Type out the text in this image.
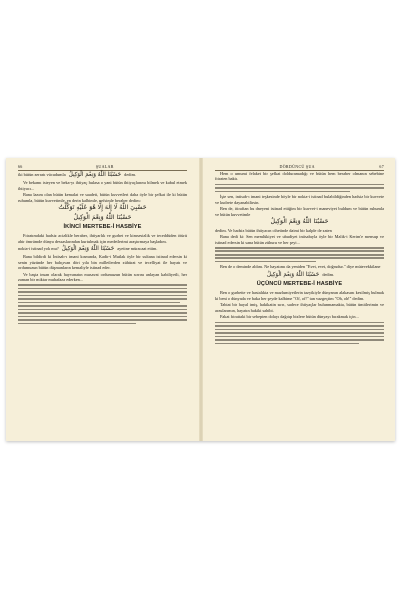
66	ŞUALAR

iki bütün zerratı vücudumla حَسْبُنَا اللّٰهُ وَنِعْمَ الْوَكِيلُ dedim.

Ve bekamı isteyen ve beka-yı ihtiyaç hulasa o yani bütün ihtiyaçlarımı bilmek ve kabul etmek ihtiyacı...

Bana lazım olan bütün kemalat ve saadeti, bütün kuvvetleri daha öyle bir şefkat ile ki bütün ruhumla, bütün kuvvetimle, en derin kalbimle, nefsimle beraber dedim:

حَسْبِيَ اللّٰهُ لَا إِلٰهَ إِلَّا هُوَ عَلَيْهِ تَوَكَّلْتُ
حَسْبُنَا اللّٰهُ وَنِعْمَ الْوَكِيلُ
İKİNCİ MERTEBE-İ HASBİYE

Fıtratımdaki hadsiz acizlikle beraber, ihtiyarlık ve gurbet ve kimsesizlik ve teceddüden ötürü ahir ömrümde dünya dessaslarından kurtulmak için medetlerimi araştırmaya başladım.

nokta-i istinad yok mu? حَسْبُنَا اللّٰهُ وَنِعْمَ الْوَكِيلُ ayetine müracaat ettim.

Bana bildirdi ki İntisab-ı imani kısmında, Kadir-i Mutlak öyle bir sultana istinad edersin ki senin yüzünde her bahçıvan dört yıla bin milletlerden zühürat ve tecelliyat ile hayatı ve ordumuzun bütün düşmanların kemaliyle istinad eder.

Ve başta insan olarak hayvanatın musavat ordumuzun bütün sırrını anlayan kabiliyetli, her zaman bir miktar muhafaza ederken...

DÖRDÜNCÜ ŞUA	67

Hem o umumi felaket bir şefkat dolduramadığı ve bütün hem beraber olmanın sebebine fıtraten baktı.

İşte sen, intisab-ı imani teşkesinde böyle bir nokta-i istinad bulabildiğinden hadsiz bir kuvvete ve kudrete dayanabilirsin.

Ben de, itiraftan hu dneyeni istinad ettiğim bir kuvvet-i maneviyet buldum ve bütün ruhumla ve bütün kuvvetimle

حَسْبُنَا اللّٰهُ وَنِعْمَ الْوَكِيلُ

dedim. Ve hadsiz bütün ihtiyacın cihetinde daimi bir kalple de zaten

Bana dedi ki: Sen memlükiyet ve ubudiyet intisabıyla öyle bir Malik-i Kerim'e mensup ve istinad edersin ki sana bütün zühuru ve her şeyi...

Ben de o deminde aldım. Ne hayatımı da yeniden "Evet, evet, doğrudur." diye mütevekkilane

حَسْبُنَا اللّٰهُ وَنِعْمَ الْوَكِيلُ dedim.

ÜÇÜNCÜ MERTEBE-İ HASBİYE

Ben o gurbette ve hastalıkta ve mazlumiyetlerin tazyikiyle dünyanın alakasını kesilmiş bulmak ki beni o dünyada ve baka her şeyde kalbime "Of, of!" tan vazgeçtim "Oh, oh!" dedim.

Tabiat bir hayal imiş, hakikatin sırrı, sadece ihtiyaçlar bulunmamakta, bütün ümitlerimin ve arzularımın, hayatın hakiki sahibi.

Fakat fıtrattaki bir sebepten dolayı dağıtıp bizlere bütün dünyayı bırakmak için...
